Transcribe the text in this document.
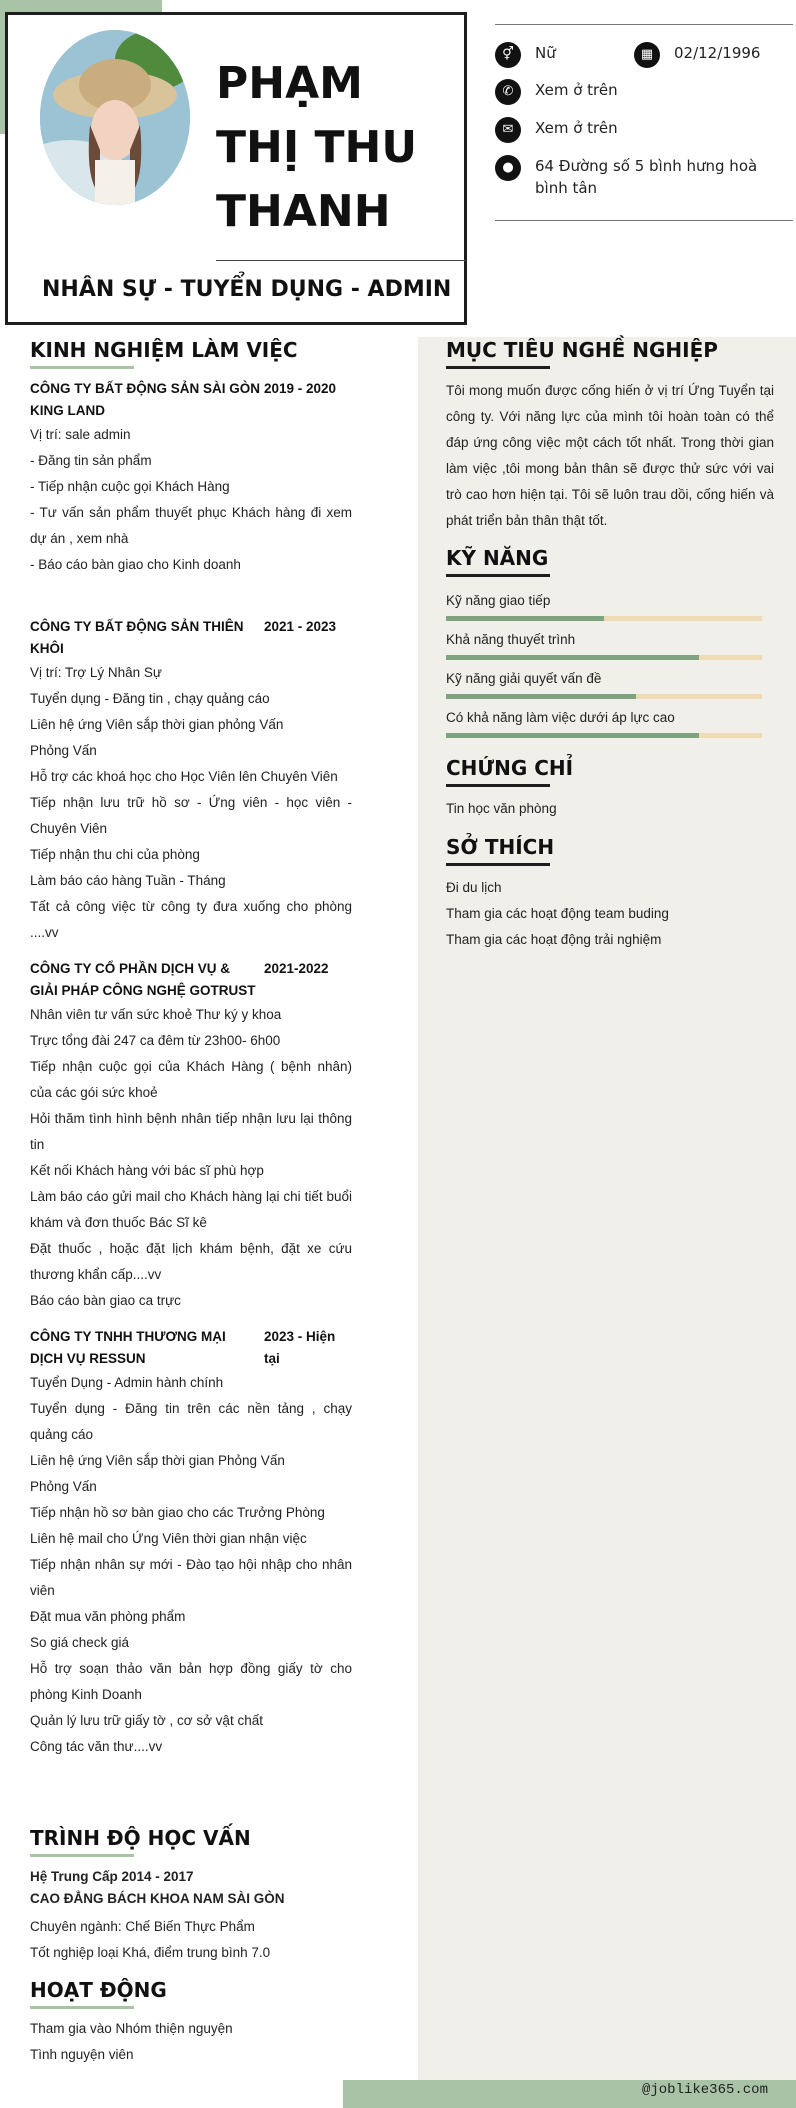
PHẠM THỊ THU THANH
NHÂN SỰ - TUYỂN DỤNG - ADMIN
⚥	Nữ	▦	02/12/1996
✆	Xem ở trên
✉	Xem ở trên
●	64 Đường số 5 bình hưng hoà bình tân
KINH NGHIỆM LÀM VIỆC
CÔNG TY BẤT ĐỘNG SẢN SÀI GÒN KING LAND
2019 - 2020
Vị trí: sale admin
- Đăng tin sản phẩm
- Tiếp nhận cuộc gọi Khách Hàng
- Tư vấn sản phẩm thuyết phục Khách hàng đi xem dự án , xem nhà
- Báo cáo bàn giao cho Kinh doanh
CÔNG TY BẤT ĐỘNG SẢN THIÊN KHÔI
2021 - 2023
Vị trí: Trợ Lý Nhân Sự
Tuyển dụng - Đăng tin , chạy quảng cáo
Liên hệ ứng Viên sắp thời gian phỏng Vấn
Phỏng Vấn
Hỗ trợ các khoá học cho Học Viên lên Chuyên Viên
Tiếp nhận lưu trữ hồ sơ - Ứng viên - học viên - Chuyên Viên
Tiếp nhận thu chi của phòng
Làm báo cáo hàng Tuần - Tháng
Tất cả công việc từ công ty đưa xuống cho phòng ....vv
CÔNG TY CỔ PHẦN DỊCH VỤ & GIẢI PHÁP CÔNG NGHỆ GOTRUST
2021-2022
Nhân viên tư vấn sức khoẻ Thư ký y khoa
Trực tổng đài 247 ca đêm từ 23h00- 6h00
Tiếp nhận cuộc gọi của Khách Hàng ( bệnh nhân) của các gói sức khoẻ
Hỏi thăm tình hình bệnh nhân tiếp nhận lưu lại thông tin
Kết nối Khách hàng với bác sĩ phù hợp
Làm báo cáo gửi mail cho Khách hàng lại chi tiết buổi khám và đơn thuốc Bác Sĩ kê
Đặt thuốc , hoặc đặt lịch khám bệnh, đặt xe cứu thương khẩn cấp....vv
Báo cáo bàn giao ca trực
CÔNG TY TNHH THƯƠNG MẠI DỊCH VỤ RESSUN
2023 - Hiện tại
Tuyển Dụng - Admin hành chính
Tuyển dụng - Đăng tin trên các nền tảng , chạy quảng cáo
Liên hệ ứng Viên sắp thời gian Phỏng Vấn
Phỏng Vấn
Tiếp nhận hồ sơ bàn giao cho các Trưởng Phòng
Liên hệ mail cho Ứng Viên thời gian nhận việc
Tiếp nhận nhân sự mới - Đào tạo hội nhập cho nhân viên
Đặt mua văn phòng phẩm
So giá check giá
Hỗ trợ soạn thảo văn bản hợp đồng giấy tờ cho phòng Kinh Doanh
Quản lý lưu trữ giấy tờ , cơ sở vật chất
Công tác văn thư....vv
TRÌNH ĐỘ HỌC VẤN
Hệ Trung Cấp 2014 - 2017
CAO ĐẲNG BÁCH KHOA NAM SÀI GÒN
Chuyên ngành: Chế Biến Thực Phẩm
Tốt nghiệp loại Khá, điểm trung bình 7.0
HOẠT ĐỘNG
Tham gia vào Nhóm thiện nguyện
Tình nguyện viên
MỤC TIÊU NGHỀ NGHIỆP
Tôi mong muốn được cống hiến ở vị trí Ứng Tuyển tại công ty. Với năng lực của mình tôi hoàn toàn có thể đáp ứng công việc một cách tốt nhất. Trong thời gian làm việc ,tôi mong bản thân sẽ được thử sức với vai trò cao hơn hiện tại. Tôi sẽ luôn trau dồi, cống hiến và phát triển bản thân thật tốt.
KỸ NĂNG
Kỹ năng giao tiếp
Khả năng thuyết trình
Kỹ năng giải quyết vấn đề
Có khả năng làm việc dưới áp lực cao
CHỨNG CHỈ
Tin học văn phòng
SỞ THÍCH
Đi du lịch
Tham gia các hoạt động team buding
Tham gia các hoạt động trải nghiệm
@joblike365.com
